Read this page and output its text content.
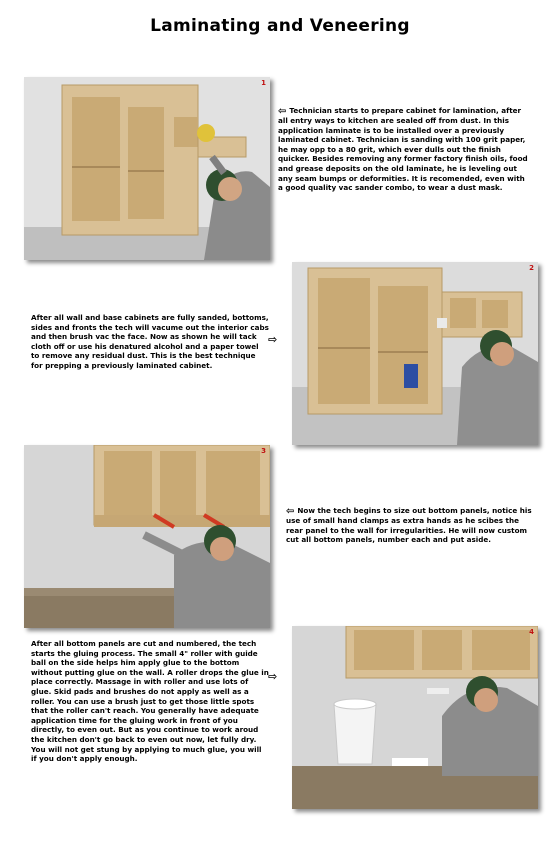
Laminating and Veneering
1
⇦ Technician starts to prepare cabinet for lamination, after all entry ways to kitchen are sealed off from dust. In this application laminate is to be installed over a previously laminated cabinet. Technician is sanding with 100 grit paper, he may opp to a 80 grit, which ever dulls out the finish quicker. Besides removing any former factory finish oils, food and grease deposits on the old laminate, he is leveling out any seam bumps or deformities. It is recomended, even with a good quality vac sander combo, to wear a dust mask.
2
After all wall and base cabinets are fully sanded, bottoms, sides and fronts the tech will vacume out the interior cabs and then brush vac the face. Now as shown he will tack cloth off or use his denatured alcohol and a paper towel to remove any residual dust. This is the best technique for prepping a previously laminated cabinet.
⇨
3
⇦ Now the tech begins to size out bottom panels, notice his use of small hand clamps as extra hands as he scibes the rear panel to the wall for irregularities. He will now custom cut all bottom panels, number each and put aside.
4
After all bottom panels are cut and numbered, the tech starts the gluing process. The small 4" roller with guide ball on the side helps him apply glue to the bottom without putting glue on the wall. A roller drops the glue in place correctly. Massage in with roller and use lots of glue. Skid pads and brushes do not apply as well as a roller. You can use a brush just to get those little spots that the roller can't reach. You generally have adequate application time for the gluing work in front of you directly, to even out. But as you continue to work aroud the kitchen don't go back to even out now, let fully dry. You will not get stung by applying to much glue, you will if you don't apply enough.
⇨
